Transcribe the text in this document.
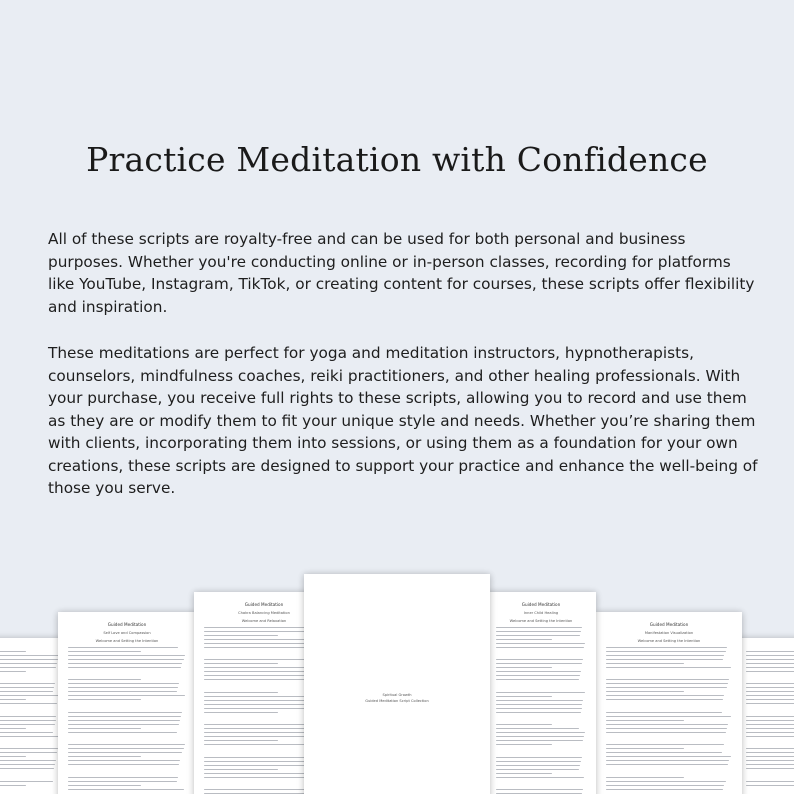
Practice Meditation with Confidence

All of these scripts are royalty-free and can be used for both personal and business purposes. Whether you're conducting online or in-person classes, recording for platforms like YouTube, Instagram, TikTok, or creating content for courses, these scripts offer flexibility and inspiration.

These meditations are perfect for yoga and meditation instructors, hypnotherapists, counselors, mindfulness coaches, reiki practitioners, and other healing professionals. With your purchase, you receive full rights to these scripts, allowing you to record and use them as they are or modify them to fit your unique style and needs. Whether you’re sharing them with clients, incorporating them into sessions, or using them as a foundation for your own creations, these scripts are designed to support your practice and enhance the well-being of those you serve.

Guided Meditation
Self Love and Compassion
Welcome and Setting the Intention
Guided Meditation
Chakra Balancing Meditation
Welcome and Relaxation
Spiritual Growth
Guided Meditation Script Collection
Guided Meditation
Inner Child Healing
Welcome and Setting the Intention
Guided Meditation
Manifestation Visualization
Welcome and Setting the Intention
